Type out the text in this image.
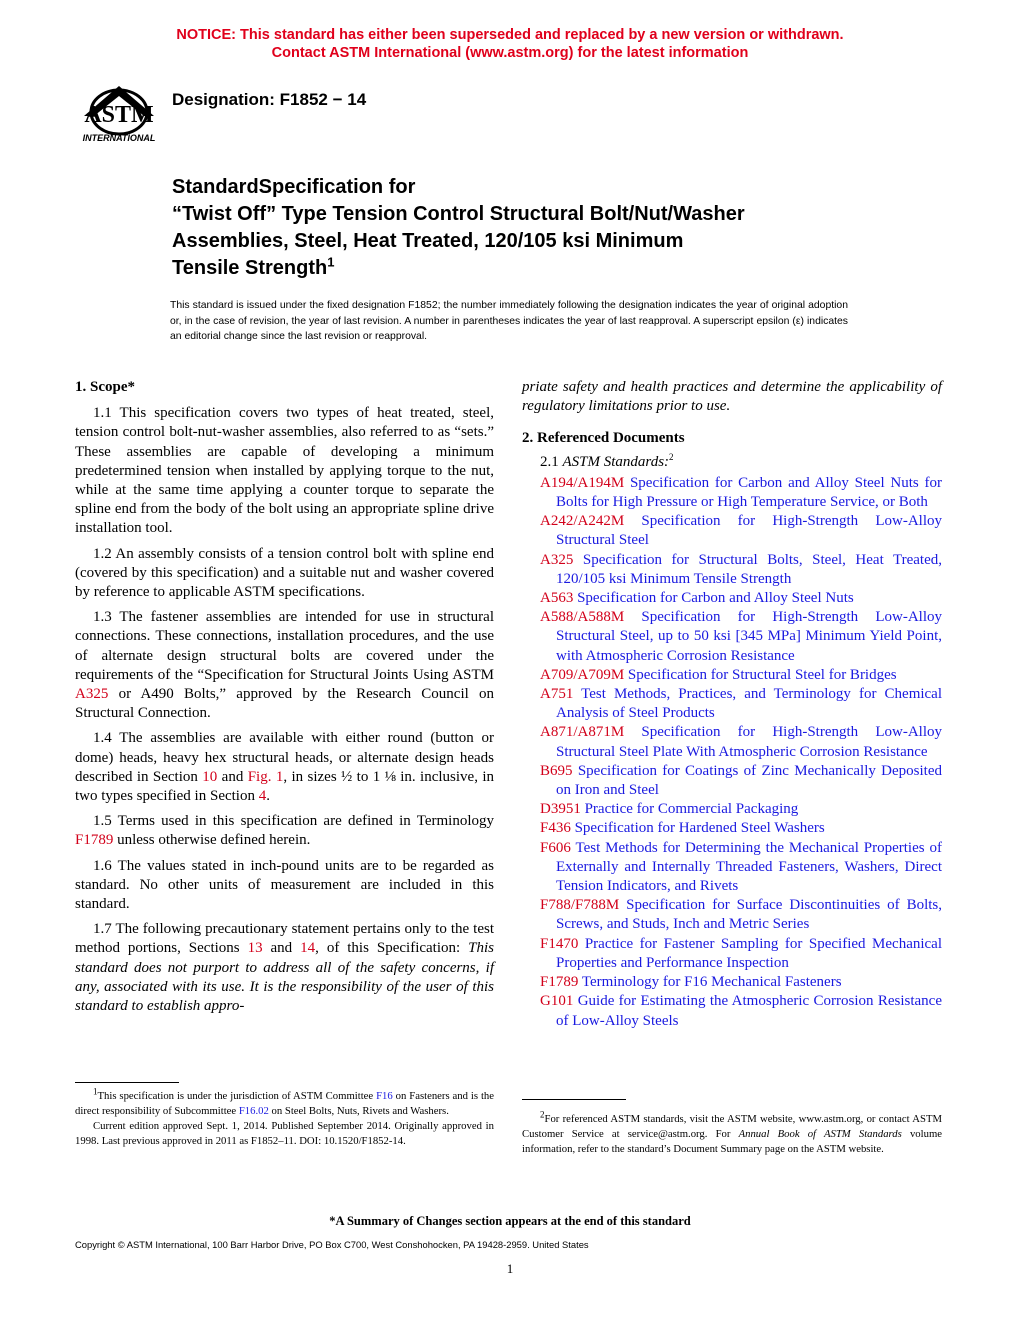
NOTICE: This standard has either been superseded and replaced by a new version or withdrawn.
Contact ASTM International (www.astm.org) for the latest information
ASTM
INTERNATIONAL
Designation: F1852 − 14
StandardSpecification for
“Twist Off” Type Tension Control Structural Bolt/Nut/Washer
Assemblies, Steel, Heat Treated, 120/105 ksi Minimum
Tensile Strength$^1$
This standard is issued under the fixed designation F1852; the number immediately following the designation indicates the year of original adoption or, in the case of revision, the year of last revision. A number in parentheses indicates the year of last reapproval. A superscript epsilon (ε) indicates an editorial change since the last revision or reapproval.
1. Scope*
1.1 This specification covers two types of heat treated, steel, tension control bolt-nut-washer assemblies, also referred to as “sets.” These assemblies are capable of developing a minimum predetermined tension when installed by applying torque to the nut, while at the same time applying a counter torque to separate the spline end from the body of the bolt using an appropriate spline drive installation tool.
1.2 An assembly consists of a tension control bolt with spline end (covered by this specification) and a suitable nut and washer covered by reference to applicable ASTM specifications.
1.3 The fastener assemblies are intended for use in structural connections. These connections, installation procedures, and the use of alternate design structural bolts are covered under the requirements of the “Specification for Structural Joints Using ASTM A325 or A490 Bolts,” approved by the Research Council on Structural Connection.
1.4 The assemblies are available with either round (button or dome) heads, heavy hex structural heads, or alternate design heads described in Section 10 and Fig. 1, in sizes ½ to 1 ⅛ in. inclusive, in two types specified in Section 4.
1.5 Terms used in this specification are defined in Terminology F1789 unless otherwise defined herein.
1.6 The values stated in inch-pound units are to be regarded as standard. No other units of measurement are included in this standard.
1.7 The following precautionary statement pertains only to the test method portions, Sections 13 and 14, of this Specification: This standard does not purport to address all of the safety concerns, if any, associated with its use. It is the responsibility of the user of this standard to establish appro-
priate safety and health practices and determine the applicability of regulatory limitations prior to use.
2. Referenced Documents
2.1 ASTM Standards:$^2$
A194/A194M Specification for Carbon and Alloy Steel Nuts for Bolts for High Pressure or High Temperature Service, or Both
A242/A242M Specification for High-Strength Low-Alloy Structural Steel
A325 Specification for Structural Bolts, Steel, Heat Treated, 120/105 ksi Minimum Tensile Strength
A563 Specification for Carbon and Alloy Steel Nuts
A588/A588M Specification for High-Strength Low-Alloy Structural Steel, up to 50 ksi [345 MPa] Minimum Yield Point, with Atmospheric Corrosion Resistance
A709/A709M Specification for Structural Steel for Bridges
A751 Test Methods, Practices, and Terminology for Chemical Analysis of Steel Products
A871/A871M Specification for High-Strength Low-Alloy Structural Steel Plate With Atmospheric Corrosion Resistance
B695 Specification for Coatings of Zinc Mechanically Deposited on Iron and Steel
D3951 Practice for Commercial Packaging
F436 Specification for Hardened Steel Washers
F606 Test Methods for Determining the Mechanical Properties of Externally and Internally Threaded Fasteners, Washers, Direct Tension Indicators, and Rivets
F788/F788M Specification for Surface Discontinuities of Bolts, Screws, and Studs, Inch and Metric Series
F1470 Practice for Fastener Sampling for Specified Mechanical Properties and Performance Inspection
F1789 Terminology for F16 Mechanical Fasteners
G101 Guide for Estimating the Atmospheric Corrosion Resistance of Low-Alloy Steels
$^1$This specification is under the jurisdiction of ASTM Committee F16 on Fasteners and is the direct responsibility of Subcommittee F16.02 on Steel Bolts, Nuts, Rivets and Washers.
Current edition approved Sept. 1, 2014. Published September 2014. Originally approved in 1998. Last previous approved in 2011 as F1852–11. DOI: 10.1520/F1852-14.
$^2$For referenced ASTM standards, visit the ASTM website, www.astm.org, or contact ASTM Customer Service at service@astm.org. For Annual Book of ASTM Standards volume information, refer to the standard’s Document Summary page on the ASTM website.
*A Summary of Changes section appears at the end of this standard
Copyright © ASTM International, 100 Barr Harbor Drive, PO Box C700, West Conshohocken, PA 19428-2959. United States
1
